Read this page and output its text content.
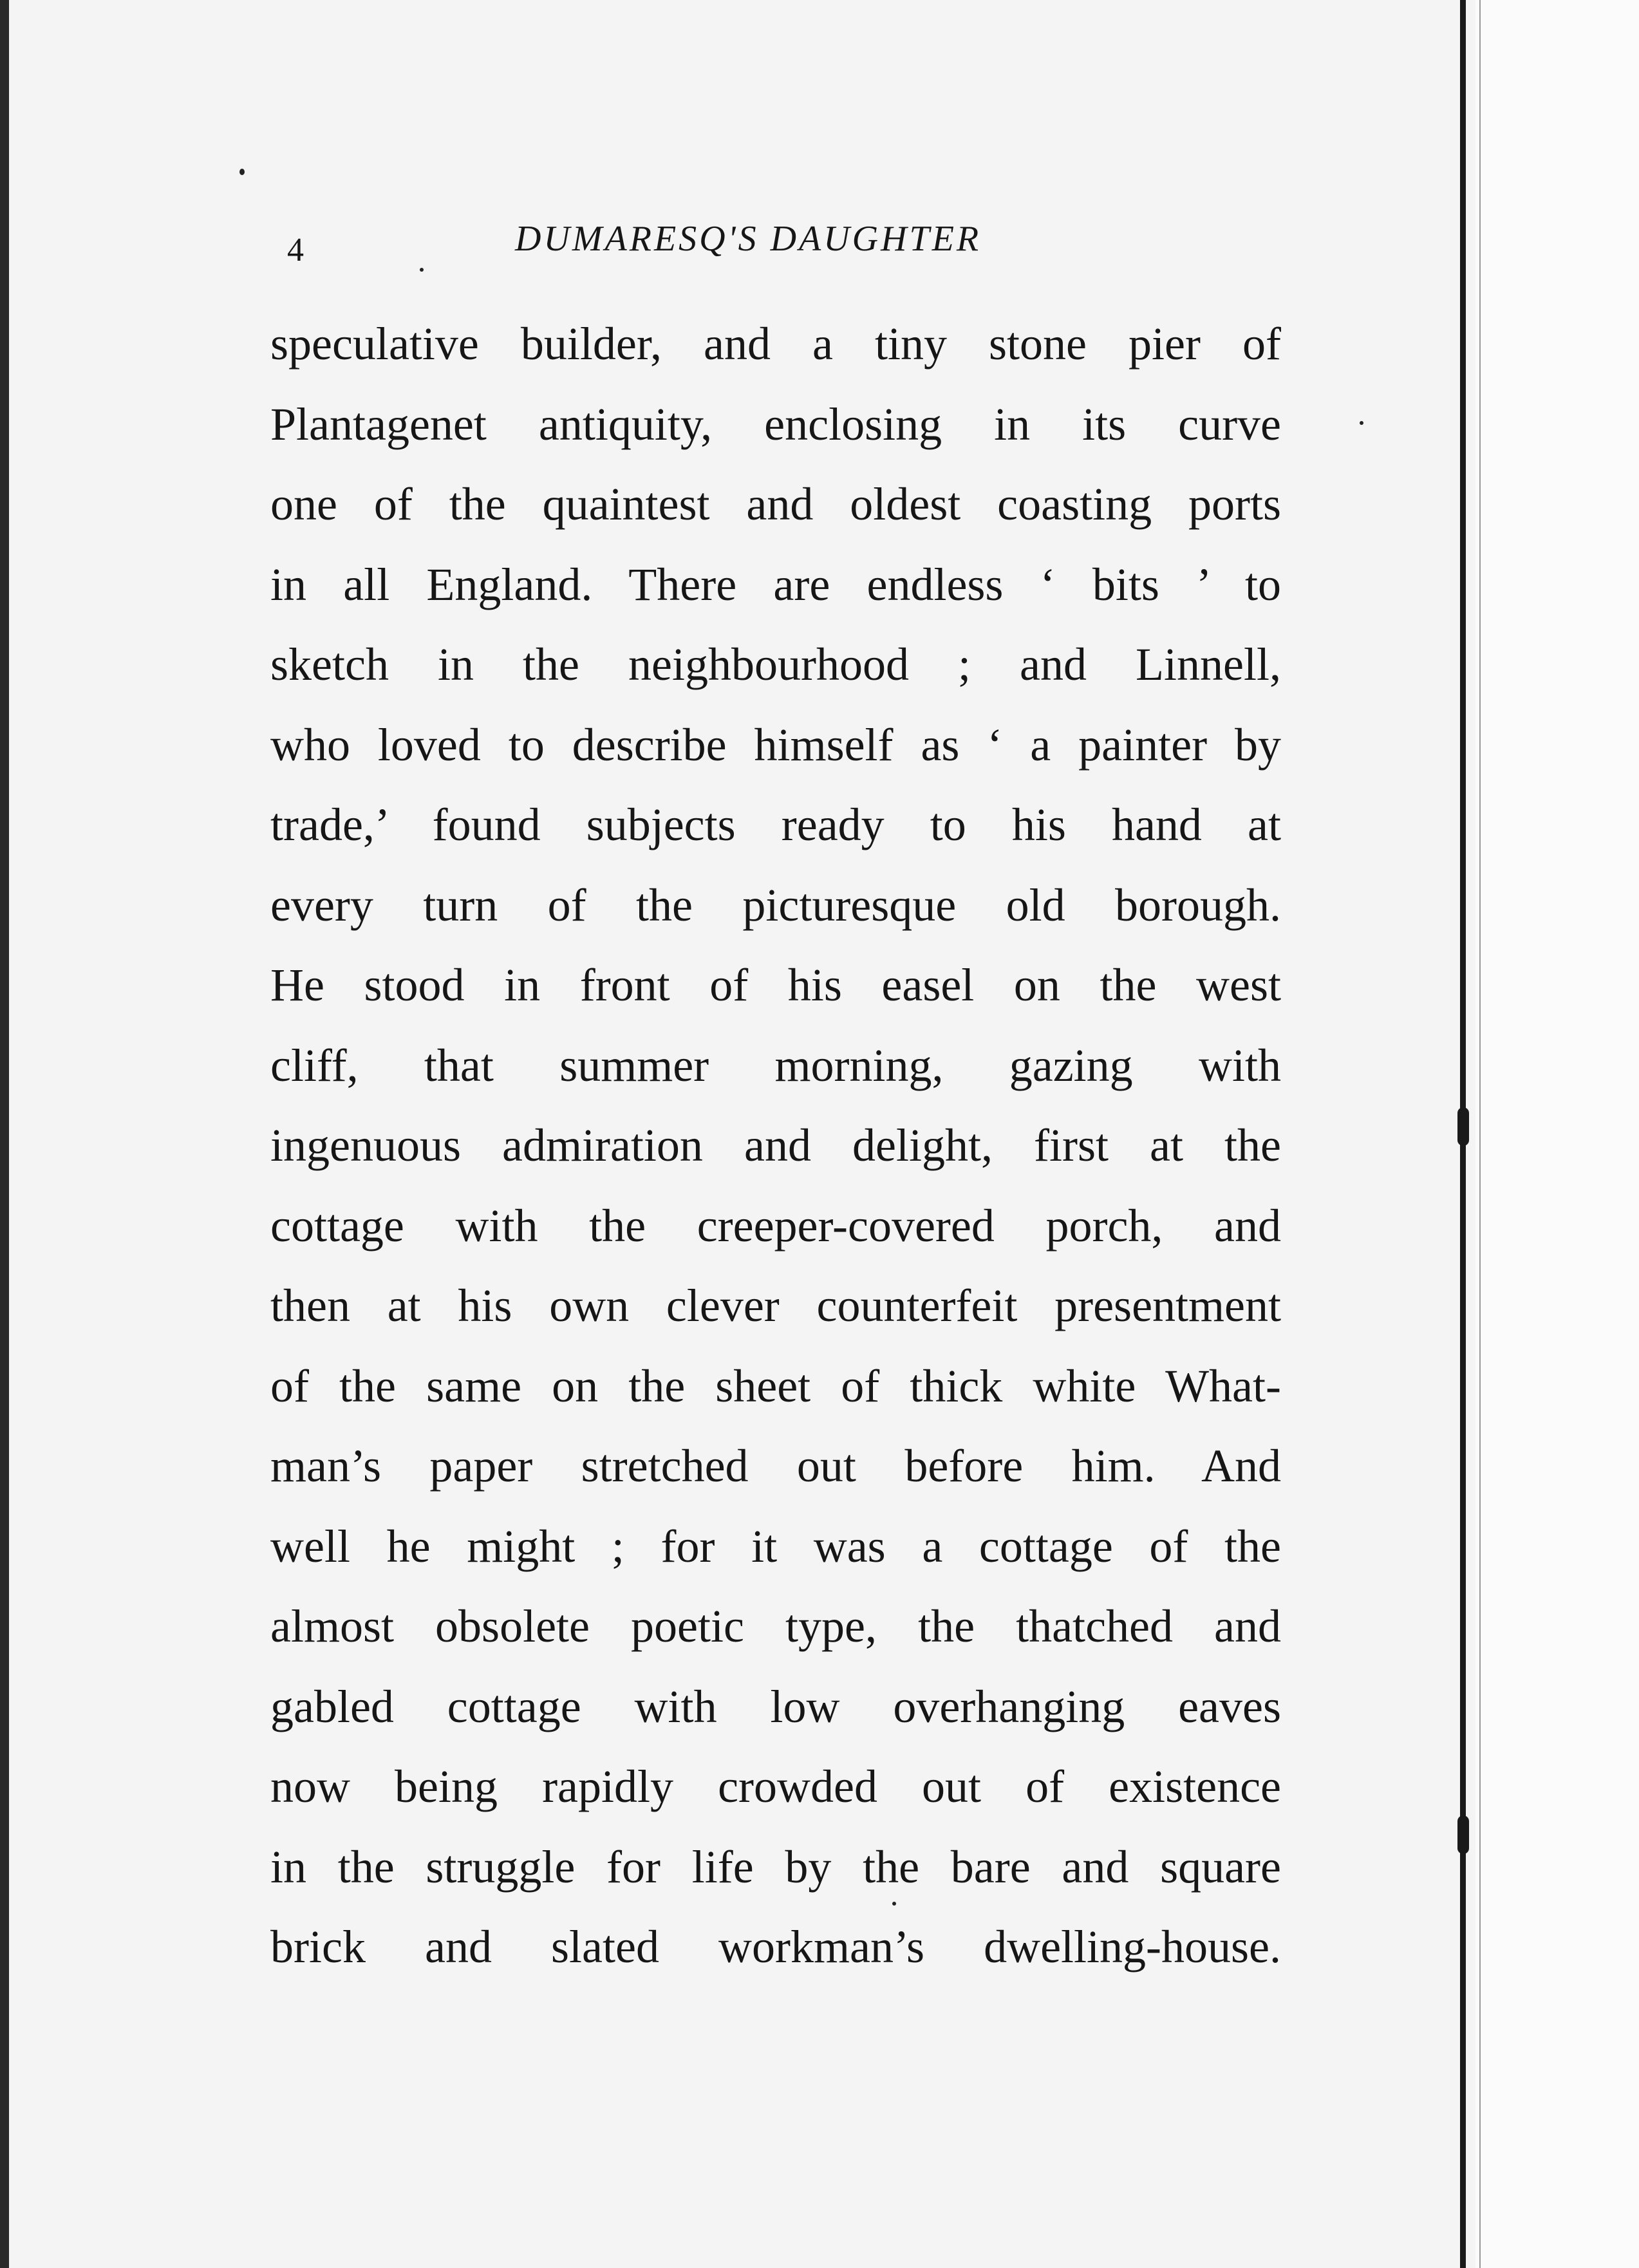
4	DUMARESQ'S DAUGHTER
speculative builder, and a tiny stone pier of
Plantagenet antiquity, enclosing in its curve
one of the quaintest and oldest coasting ports
in all England. There are endless ‘ bits ’ to
sketch in the neighbourhood ; and Linnell,
who loved to describe himself as ‘ a painter by
trade,’ found subjects ready to his hand at
every turn of the picturesque old borough.
He stood in front of his easel on the west
cliff, that summer morning, gazing with
ingenuous admiration and delight, first at the
cottage with the creeper-covered porch, and
then at his own clever counterfeit presentment
of the same on the sheet of thick white What-
man’s paper stretched out before him. And
well he might ; for it was a cottage of the
almost obsolete poetic type, the thatched and
gabled cottage with low overhanging eaves
now being rapidly crowded out of existence
in the struggle for life by the bare and square
brick and slated workman’s dwelling-house.
